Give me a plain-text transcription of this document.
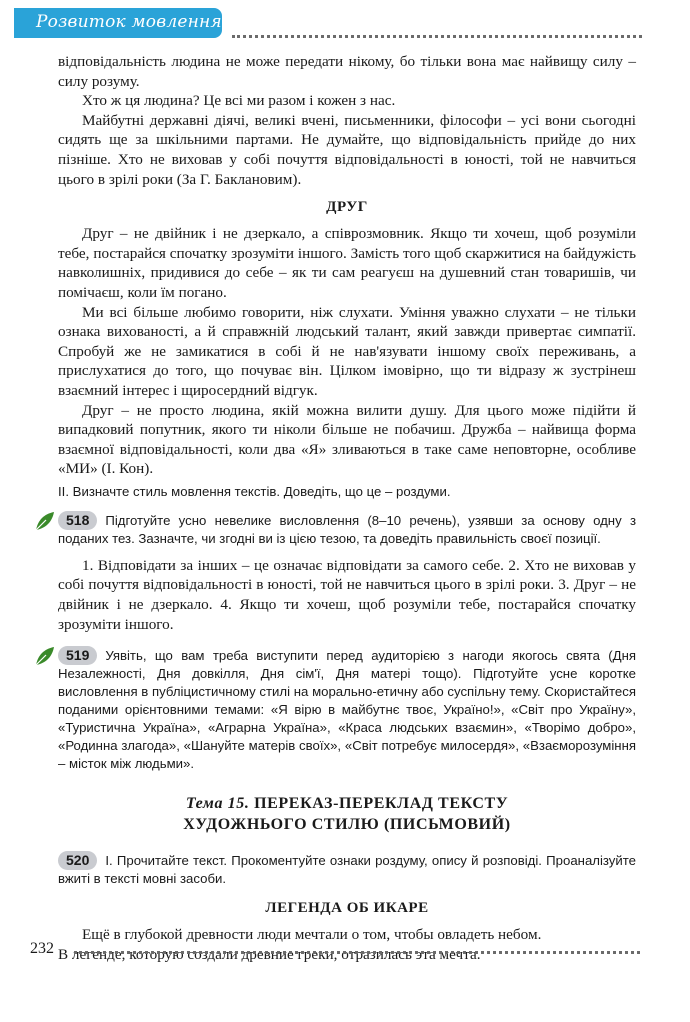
Розвиток мовлення

відповідальність людина не може передати нікому, бо тільки вона має найвищу силу – силу розуму.

Хто ж ця людина? Це всі ми разом і кожен з нас.

Майбутні державні діячі, великі вчені, письменники, філософи – усі вони сьогодні сидять ще за шкільними партами. Не думайте, що відповідальність прийде до них пізніше. Хто не виховав у собі почуття відповідальності в юності, той не навчиться цього в зрілі роки (За Г. Баклановим).

ДРУГ

Друг – не двійник і не дзеркало, а співрозмовник. Якщо ти хочеш, щоб розуміли тебе, постарайся спочатку зрозуміти іншого. Замість того щоб скаржитися на байдужість навколишніх, придивися до себе – як ти сам реагуєш на душевний стан товаришів, чи помічаєш, коли їм погано.

Ми всі більше любимо говорити, ніж слухати. Уміння уважно слухати – не тільки ознака вихованості, а й справжній людський талант, який завжди привертає симпатії. Спробуй же не замикатися в собі й не нав'язувати іншому своїх переживань, а прислухатися до того, що почуває він. Цілком імовірно, що ти відразу ж зустрінеш взаємний інтерес і щиросердний відгук.

Друг – не просто людина, якій можна вилити душу. Для цього може підійти й випадковий попутник, якого ти ніколи більше не побачиш. Дружба – найвища форма взаємної відповідальності, коли два «Я» зливаються в таке саме неповторне, особливе «МИ» (І. Кон).

II. Визначте стиль мовлення текстів. Доведіть, що це – роздуми.

518 Підготуйте усно невелике висловлення (8–10 речень), узявши за основу одну з поданих тез. Зазначте, чи згодні ви із цією тезою, та доведіть правильність своєї позиції.

1. Відповідати за інших – це означає відповідати за самого себе. 2. Хто не виховав у собі почуття відповідальності в юності, той не навчиться цього в зрілі роки. 3. Друг – не двійник і не дзеркало. 4. Якщо ти хочеш, щоб розуміли тебе, постарайся спочатку зрозуміти іншого.

519 Уявіть, що вам треба виступити перед аудиторією з нагоди якогось свята (Дня Незалежності, Дня довкілля, Дня сім'ї, Дня матері тощо). Підготуйте усне коротке висловлення в публіцистичному стилі на морально-етичну або суспільну тему. Скористайтеся поданими орієнтовними темами: «Я вірю в майбутнє твоє, Україно!», «Світ про Україну», «Туристична Україна», «Аграрна Україна», «Краса людських взаємин», «Творімо добро», «Родинна злагода», «Шануйте матерів своїх», «Світ потребує милосердя», «Взаєморозуміння – місток між людьми».

Тема 15. ПЕРЕКАЗ-ПЕРЕКЛАД ТЕКСТУ
ХУДОЖНЬОГО СТИЛЮ (ПИСЬМОВИЙ)

520 I. Прочитайте текст. Прокоментуйте ознаки роздуму, опису й розповіді. Проаналізуйте вжиті в тексті мовні засоби.

ЛЕГЕНДА ОБ ИКАРЕ

Ещё в глубокой древности люди мечтали о том, чтобы овладеть небом.

В легенде, которую создали древние греки, отразилась эта мечта.

232
